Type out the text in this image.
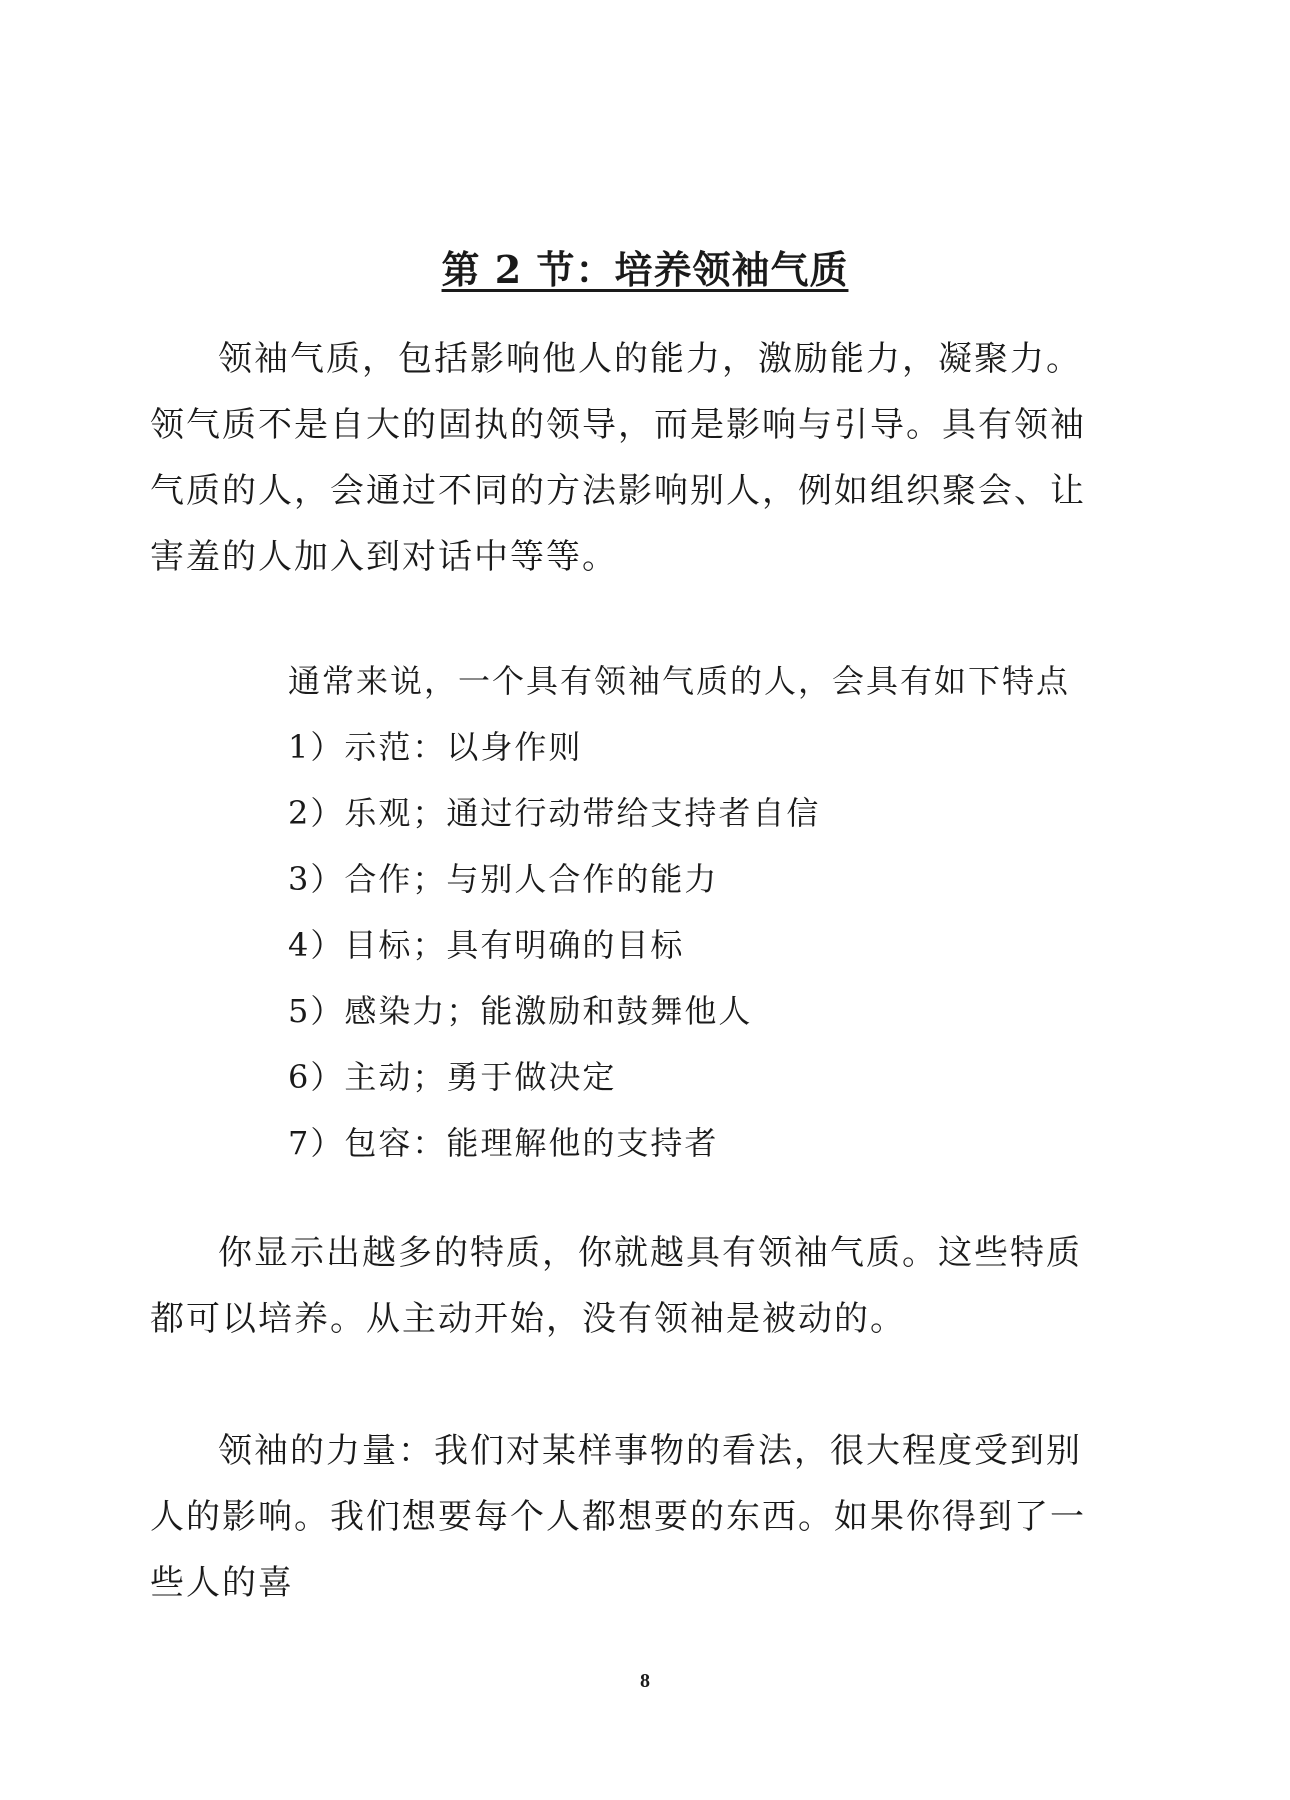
第 2 节：培养领袖气质

领袖气质，包括影响他人的能力，激励能力，凝聚力。领气质不是自大的固执的领导，而是影响与引导。具有领袖气质的人，会通过不同的方法影响别人，例如组织聚会、让害羞的人加入到对话中等等。

通常来说，一个具有领袖气质的人，会具有如下特点
1）示范：以身作则
2）乐观；通过行动带给支持者自信
3）合作；与别人合作的能力
4）目标；具有明确的目标
5）感染力；能激励和鼓舞他人
6）主动；勇于做决定
7）包容：能理解他的支持者

你显示出越多的特质，你就越具有领袖气质。这些特质都可以培养。从主动开始，没有领袖是被动的。

领袖的力量：我们对某样事物的看法，很大程度受到别人的影响。我们想要每个人都想要的东西。如果你得到了一些人的喜

8
